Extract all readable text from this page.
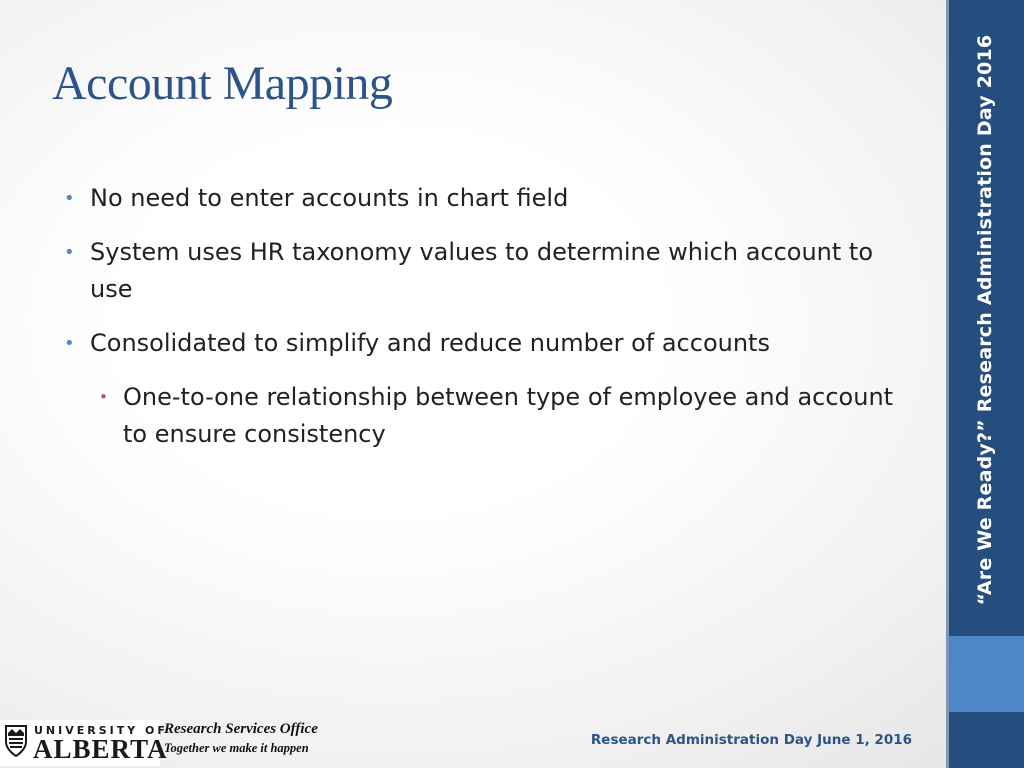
“Are We Ready?” Research Administration Day 2016
Account Mapping
• No need to enter accounts in chart field
• System uses HR taxonomy values to determine which account to use
• Consolidated to simplify and reduce number of accounts
• One-to-one relationship between type of employee and account to ensure consistency
UNIVERSITY OF
ALBERTA
Research Services Office
Together we make it happen	Research Administration Day June 1, 2016
